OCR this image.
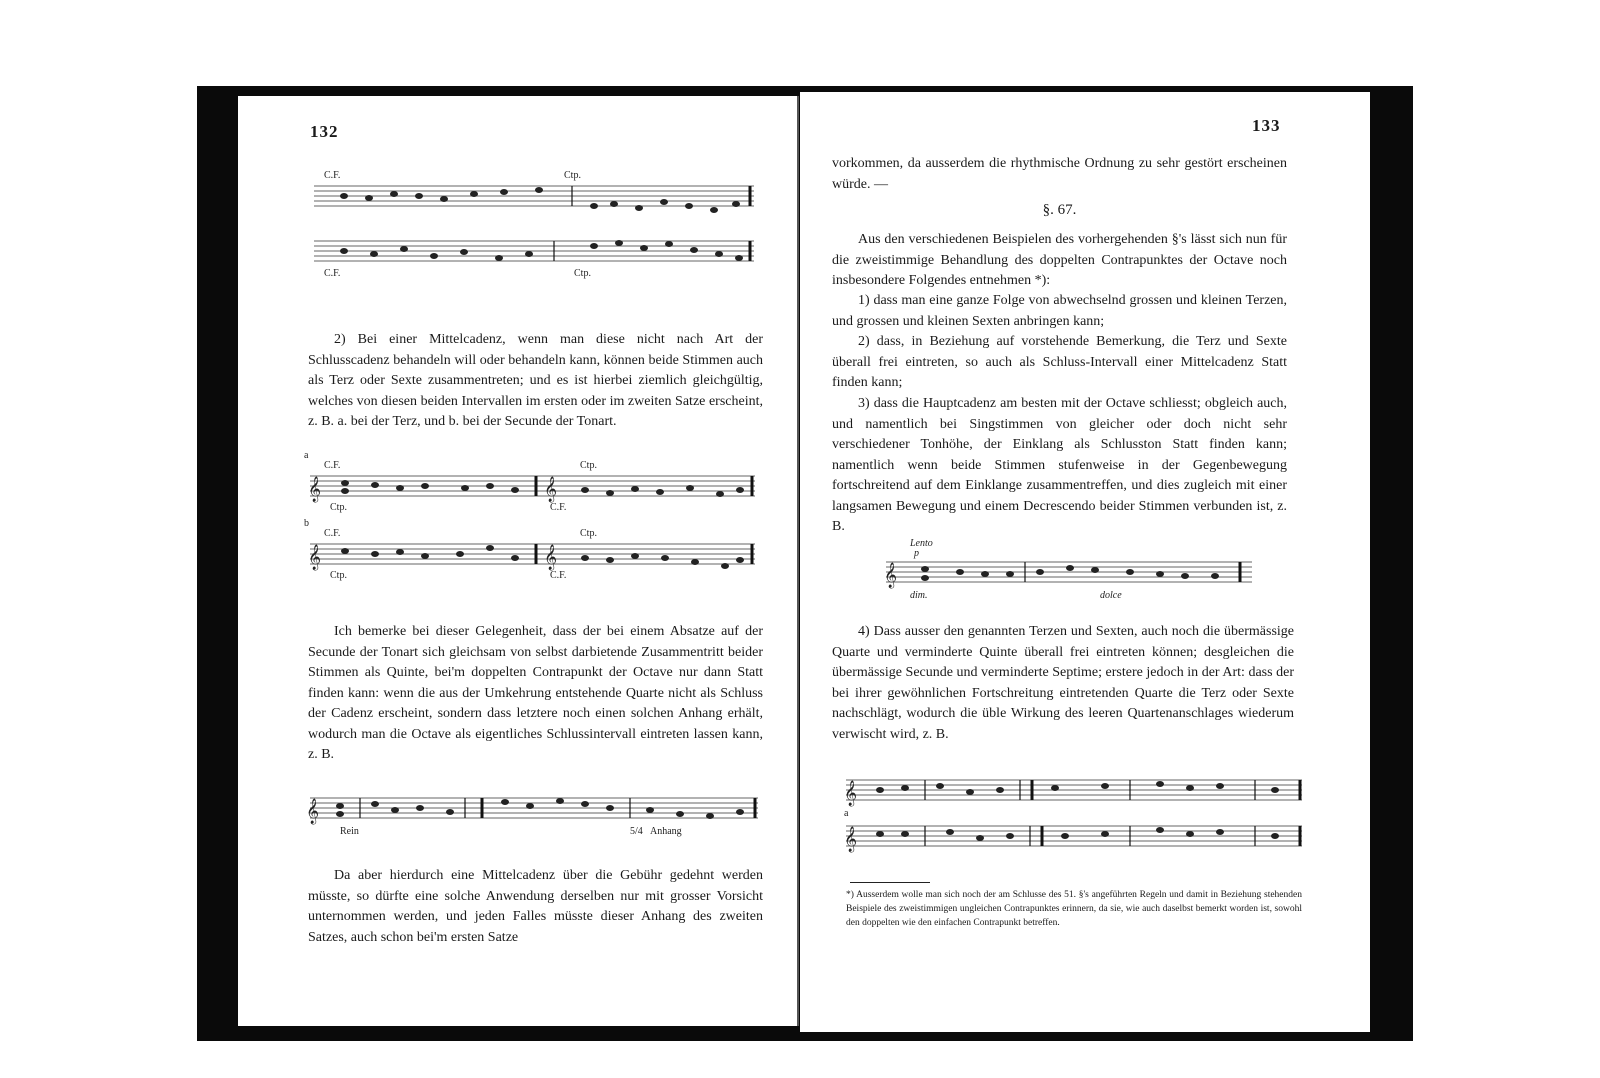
132
C.F.	Ctp.
C.F.	Ctp.
2) Bei einer Mittelcadenz, wenn man diese nicht nach Art der Schlusscadenz behandeln will oder behandeln kann, können beide Stimmen auch als Terz oder Sexte zusammentreten; und es ist hierbei ziemlich gleichgültig, welches von diesen beiden Intervallen im ersten oder im zweiten Satze erscheint, z. B. a. bei der Terz, und b. bei der Secunde der Tonart.
a
C.F.	Ctp.
𝄞	𝄞
Ctp.	C.F.
b
C.F.	Ctp.
𝄞	𝄞
Ctp.	C.F.
Ich bemerke bei dieser Gelegenheit, dass der bei einem Absatze auf der Secunde der Tonart sich gleichsam von selbst darbietende Zusammentritt beider Stimmen als Quinte, bei'm doppelten Contrapunkt der Octave nur dann Statt finden kann: wenn die aus der Umkehrung entstehende Quarte nicht als Schluss der Cadenz erscheint, sondern dass letztere noch einen solchen Anhang erhält, wodurch man die Octave als eigentliches Schlussintervall eintreten lassen kann, z. B.
𝄞
Rein	5/4 Anhang
Da aber hierdurch eine Mittelcadenz über die Gebühr gedehnt werden müsste, so dürfte eine solche Anwendung derselben nur mit grosser Vorsicht unternommen werden, und jeden Falles müsste dieser Anhang des zweiten Satzes, auch schon bei'm ersten Satze
133
vorkommen, da ausserdem die rhythmische Ordnung zu sehr gestört erscheinen würde. —
§. 67.
Aus den verschiedenen Beispielen des vorhergehenden §'s lässt sich nun für die zweistimmige Behandlung des doppelten Contrapunktes der Octave noch insbesondere Folgendes entnehmen *):
1) dass man eine ganze Folge von abwechselnd grossen und kleinen Terzen, und grossen und kleinen Sexten anbringen kann;
2) dass, in Beziehung auf vorstehende Bemerkung, die Terz und Sexte überall frei eintreten, so auch als Schluss-Intervall einer Mittelcadenz Statt finden kann;
3) dass die Hauptcadenz am besten mit der Octave schliesst; obgleich auch, und namentlich bei Singstimmen von gleicher oder doch nicht sehr verschiedener Tonhöhe, der Einklang als Schlusston Statt finden kann; namentlich wenn beide Stimmen stufenweise in der Gegenbewegung fortschreitend auf dem Einklange zusammentreffen, und dies zugleich mit einer langsamen Bewegung und einem Decrescendo beider Stimmen verbunden ist, z. B.
Lento
p
𝄞
dim.	dolce
4) Dass ausser den genannten Terzen und Sexten, auch noch die übermässige Quarte und verminderte Quinte überall frei eintreten können; desgleichen die übermässige Secunde und verminderte Septime; erstere jedoch in der Art: dass der bei ihrer gewöhnlichen Fortschreitung eintretenden Quarte die Terz oder Sexte nachschlägt, wodurch die üble Wirkung des leeren Quartenanschlages wiederum verwischt wird, z. B.
𝄞
a
𝄞
*) Ausserdem wolle man sich noch der am Schlusse des 51. §'s angeführten Regeln und damit in Beziehung stehenden Beispiele des zweistimmigen ungleichen Contrapunktes erinnern, da sie, wie auch daselbst bemerkt worden ist, sowohl den doppelten wie den einfachen Contrapunkt betreffen.
